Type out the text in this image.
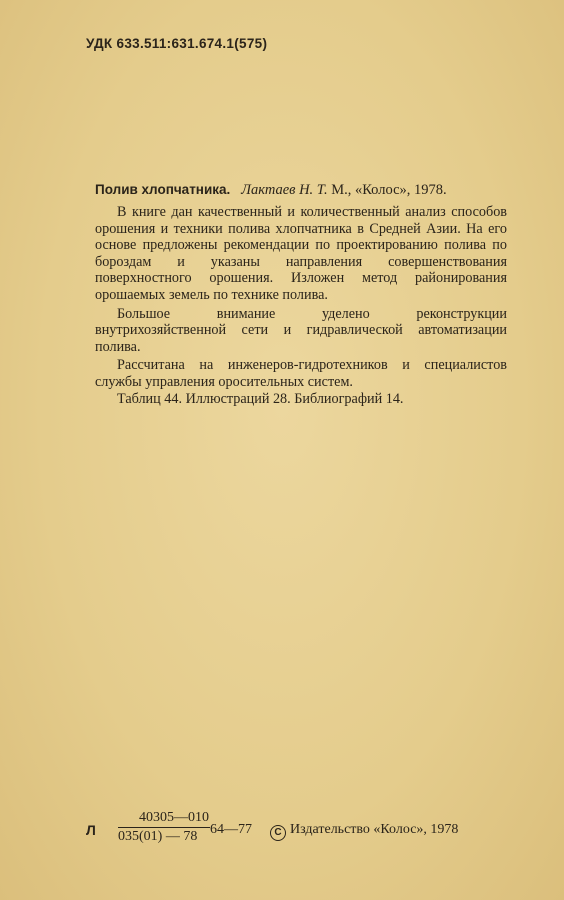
УДК 633.511:631.674.1(575)
Полив хлопчатника. Лактаев Н. Т. М., «Колос», 1978.

В книге дан качественный и количественный анализ способов орошения и техники полива хлопчатника в Средней Азии. На его основе предложены рекомендации по проектированию полива по бороздам и указаны направления совершенствования поверхностного орошения. Изложен метод районирования орошаемых земель по технике полива.

Большое внимание уделено реконструкции внутрихозяйственной сети и гидравлической автоматизации полива.

Рассчитана на инженеров-гидротехников и специалистов службы управления оросительных систем.

Таблиц 44. Иллюстраций 28. Библиографий 14.

Л $\frac{40305—010}{035(01) — 78}$ 64—77	C Издательство «Колос», 1978
